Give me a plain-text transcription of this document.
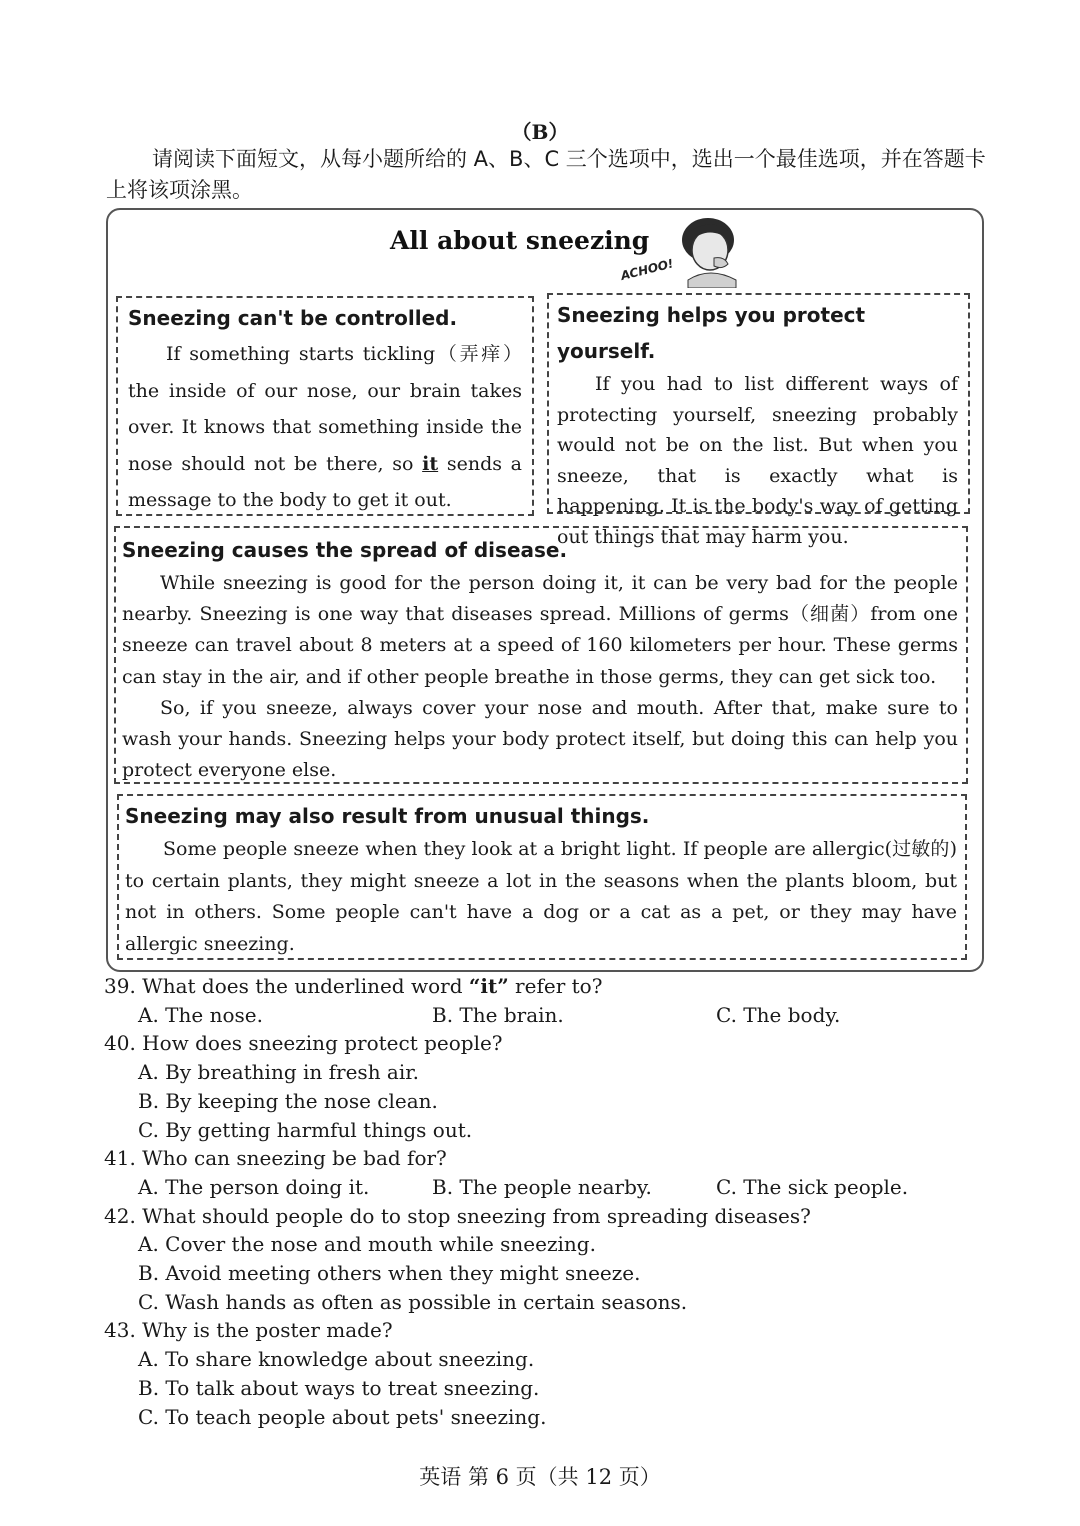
（B）
请阅读下面短文，从每小题所给的 A、B、C 三个选项中，选出一个最佳选项，并在答题卡上将该项涂黑。
All about sneezing
ACHOO!
Sneezing can't be controlled.

If something starts tickling（弄痒）the inside of our nose, our brain takes over. It knows that something inside the nose should not be there, so it sends a message to the body to get it out.

Sneezing helps you protect yourself.

If you had to list different ways of protecting yourself, sneezing probably would not be on the list. But when you sneeze, that is exactly what is happening. It is the body's way of getting out things that may harm you.

Sneezing causes the spread of disease.

While sneezing is good for the person doing it, it can be very bad for the people nearby. Sneezing is one way that diseases spread. Millions of germs（细菌）from one sneeze can travel about 8 meters at a speed of 160 kilometers per hour. These germs can stay in the air, and if other people breathe in those germs, they can get sick too.

So, if you sneeze, always cover your nose and mouth. After that, make sure to wash your hands. Sneezing helps your body protect itself, but doing this can help you protect everyone else.

Sneezing may also result from unusual things.

Some people sneeze when they look at a bright light. If people are allergic(过敏的) to certain plants, they might sneeze a lot in the seasons when the plants bloom, but not in others. Some people can't have a dog or a cat as a pet, or they may have allergic sneezing.

39. What does the underlined word “it” refer to?
A. The nose.	B. The brain.	C. The body.
40. How does sneezing protect people?
A. By breathing in fresh air.
B. By keeping the nose clean.
C. By getting harmful things out.
41. Who can sneezing be bad for?
A. The person doing it.	B. The people nearby.	C. The sick people.
42. What should people do to stop sneezing from spreading diseases?
A. Cover the nose and mouth while sneezing.
B. Avoid meeting others when they might sneeze.
C. Wash hands as often as possible in certain seasons.
43. Why is the poster made?
A. To share knowledge about sneezing.
B. To talk about ways to treat sneezing.
C. To teach people about pets' sneezing.
英语 第 6 页（共 12 页）
